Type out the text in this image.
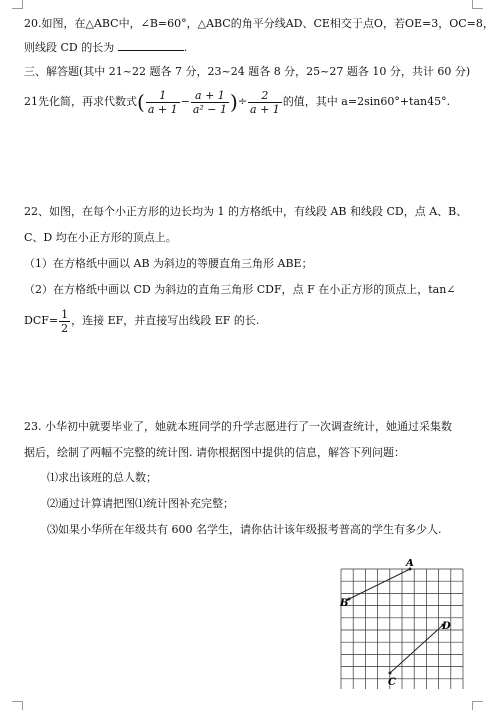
20.如图，在△ABC中，∠B=60°，△ABC的角平分线AD、CE相交于点O，若OE=3，OC=8，
则线段 CD 的长为	.
三、解答题(其中 21~22 题各 7 分，23~24 题各 8 分，25~27 题各 10 分，共计 60 分)
21先化简，再求代数式( $\frac{1}{a + 1} - \frac{a + 1}{\text{a² − 1}}$ )÷ $\frac{2}{a + 1}$ 的值，其中 a=2sin60°+tan45°.
22、如图，在每个小正方形的边长均为 1 的方格纸中，有线段 AB 和线段 CD，点 A、B、
C、D 均在小正方形的顶点上。
（1）在方格纸中画以 AB 为斜边的等腰直角三角形 ABE；
（2）在方格纸中画以 CD 为斜边的直角三角形 CDF，点 F 在小正方形的顶点上，tan∠
$DCF= \frac{1}{2}$ ，连接 EF，并直接写出线段 EF 的长.
23. 小华初中就要毕业了，她就本班同学的升学志愿进行了一次调查统计，她通过采集数
据后，绘制了两幅不完整的统计图. 请你根据图中提供的信息，解答下列问题：
⑴求出该班的总人数；
⑵通过计算请把图⑴统计图补充完整；
⑶如果小华所在年级共有 600 名学生，请你估计该年级报考普高的学生有多少人.
A
B
C
D
